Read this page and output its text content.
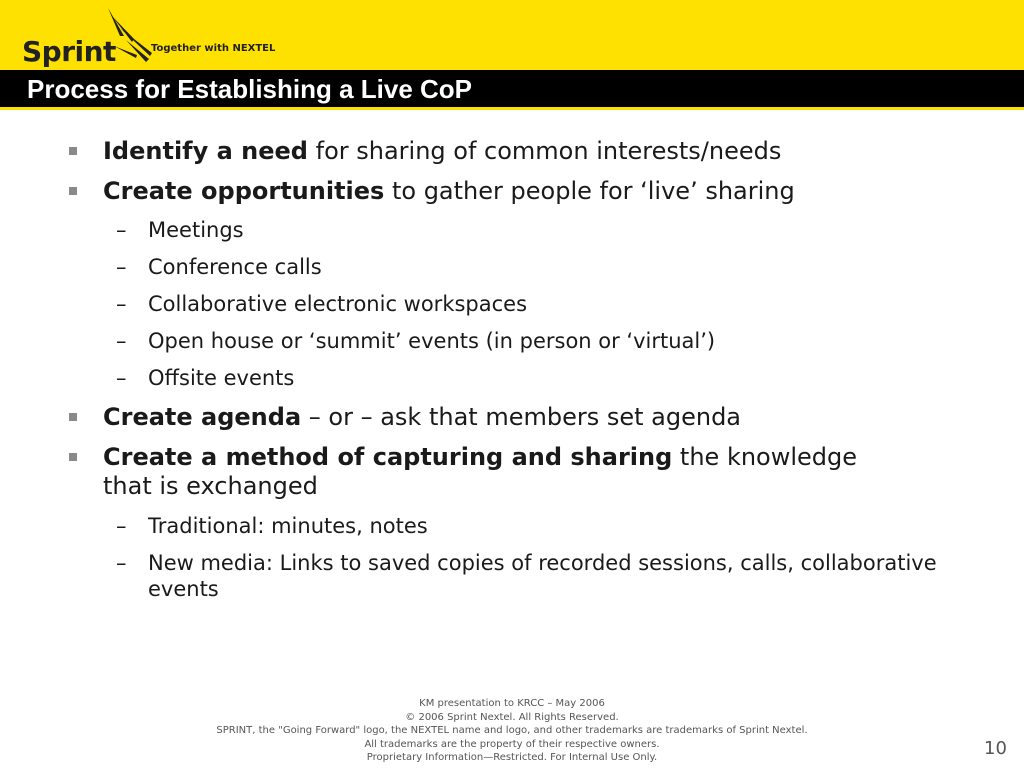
Sprint	Together with NEXTEL
Process for Establishing a Live CoP
Identify a need for sharing of common interests/needs
Create opportunities to gather people for ‘live’ sharing
– Meetings
– Conference calls
– Collaborative electronic workspaces
– Open house or ‘summit’ events (in person or ‘virtual’)
– Offsite events
Create agenda – or – ask that members set agenda
Create a method of capturing and sharing the knowledge that is exchanged
– Traditional: minutes, notes
– New media: Links to saved copies of recorded sessions, calls, collaborative events
KM presentation to KRCC – May 2006
© 2006 Sprint Nextel. All Rights Reserved.
SPRINT, the "Going Forward" logo, the NEXTEL name and logo, and other trademarks are trademarks of Sprint Nextel.
All trademarks are the property of their respective owners.
Proprietary Information—Restricted. For Internal Use Only.	10
